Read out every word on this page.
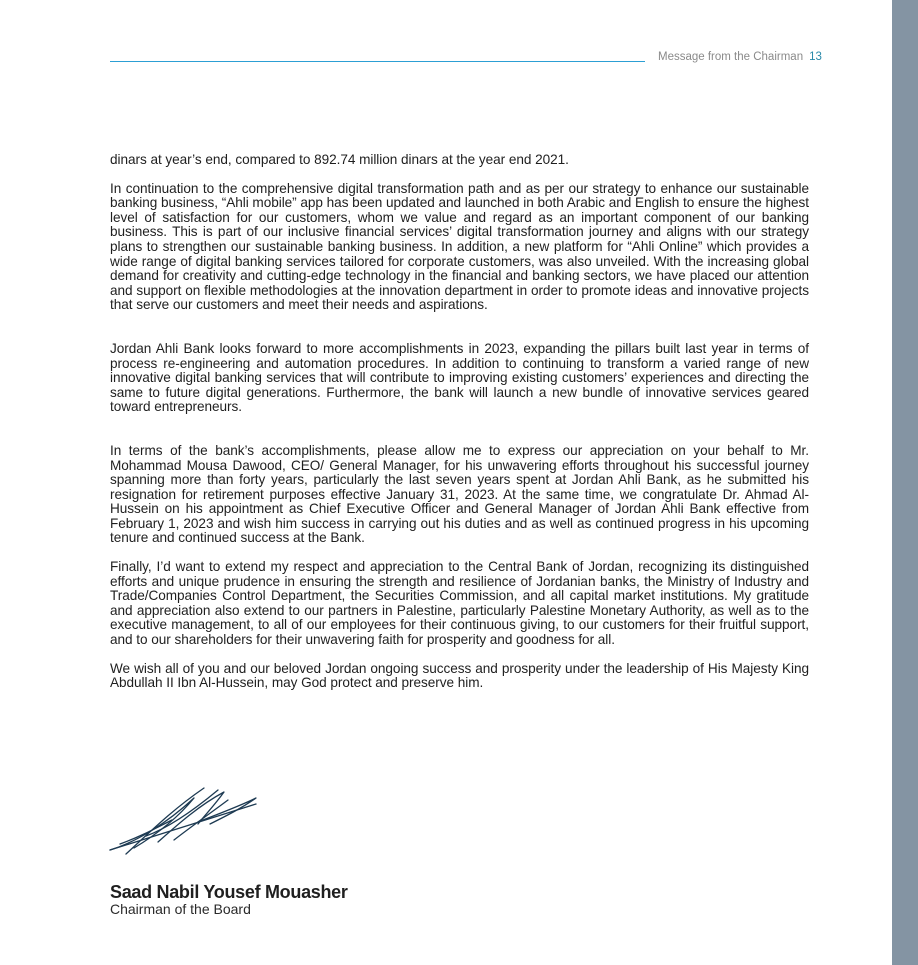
Message from the Chairman 13

dinars at year’s end, compared to 892.74 million dinars at the year end 2021.

In continuation to the comprehensive digital transformation path and as per our strategy to enhance our sustainable banking business, “Ahli mobile” app has been updated and launched in both Arabic and English to ensure the highest level of satisfaction for our customers, whom we value and regard as an important component of our banking business. This is part of our inclusive financial services’ digital transformation journey and aligns with our strategy plans to strengthen our sustainable banking business. In addition, a new platform for “Ahli Online” which provides a wide range of digital banking services tailored for corporate customers, was also unveiled. With the increasing global demand for creativity and cutting-edge technology in the financial and banking sectors, we have placed our attention and support on flexible methodologies at the innovation department in order to promote ideas and innovative projects that serve our customers and meet their needs and aspirations.

Jordan Ahli Bank looks forward to more accomplishments in 2023, expanding the pillars built last year in terms of process re-engineering and automation procedures. In addition to continuing to transform a varied range of new innovative digital banking services that will contribute to improving existing customers’ experiences and directing the same to future digital generations. Furthermore, the bank will launch a new bundle of innovative services geared toward entrepreneurs.

In terms of the bank’s accomplishments, please allow me to express our appreciation on your behalf to Mr. Mohammad Mousa Dawood, CEO/ General Manager, for his unwavering efforts throughout his successful journey spanning more than forty years, particularly the last seven years spent at Jordan Ahli Bank, as he submitted his resignation for retirement purposes effective January 31, 2023. At the same time, we congratulate Dr. Ahmad Al-Hussein on his appointment as Chief Executive Officer and General Manager of Jordan Ahli Bank effective from February 1, 2023 and wish him success in carrying out his duties and as well as continued progress in his upcoming tenure and continued success at the Bank.

Finally, I’d want to extend my respect and appreciation to the Central Bank of Jordan, recognizing its distinguished efforts and unique prudence in ensuring the strength and resilience of Jordanian banks, the Ministry of Industry and Trade/Companies Control Department, the Securities Commission, and all capital market institutions. My gratitude and appreciation also extend to our partners in Palestine, particularly Palestine Monetary Authority, as well as to the executive management, to all of our employees for their continuous giving, to our customers for their fruitful support, and to our shareholders for their unwavering faith for prosperity and goodness for all.

We wish all of you and our beloved Jordan ongoing success and prosperity under the leadership of His Majesty King Abdullah II Ibn Al-Hussein, may God protect and preserve him.

Saad Nabil Yousef Mouasher
Chairman of the Board
